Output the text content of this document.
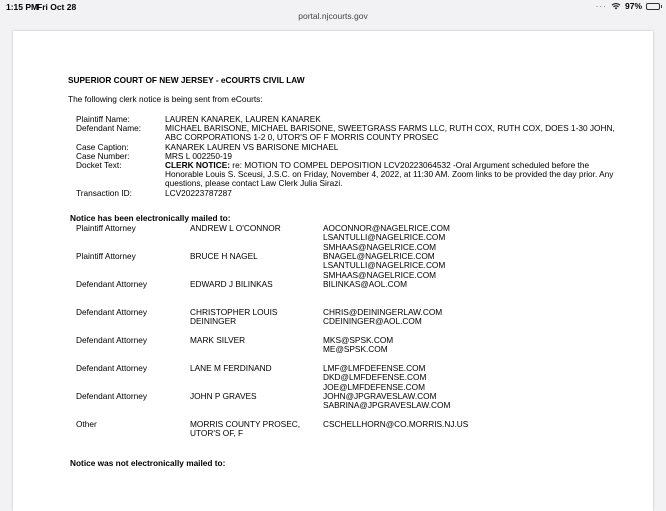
1:15 PM
Fri Oct 28	··· 97%
portal.njcourts.gov
SUPERIOR COURT OF NEW JERSEY - eCOURTS CIVIL LAW
The following clerk notice is being sent from eCourts:
Plaintiff Name:	LAUREN KANAREK, LAUREN KANAREK
Defendant Name:	MICHAEL BARISONE, MICHAEL BARISONE, SWEETGRASS FARMS LLC, RUTH COX, RUTH COX, DOES 1-30 JOHN, ABC CORPORATIONS 1-2 0, UTOR'S OF F MORRIS COUNTY PROSEC
Case Caption:	KANAREK LAUREN VS BARISONE MICHAEL
Case Number:	MRS L 002250-19
Docket Text:	CLERK NOTICE: re: MOTION TO COMPEL DEPOSITION LCV20223064532 -Oral Argument scheduled before the Honorable Louis S. Sceusi, J.S.C. on Friday, November 4, 2022, at 11:30 AM. Zoom links to be provided the day prior. Any questions, please contact Law Clerk Julia Sirazi.
Transaction ID:	LCV20223787287
Notice has been electronically mailed to:
Plaintiff Attorney	ANDREW L O'CONNOR	AOCONNOR@NAGELRICE.COM
LSANTULLI@NAGELRICE.COM
SMHAAS@NAGELRICE.COM
Plaintiff Attorney	BRUCE H NAGEL	BNAGEL@NAGELRICE.COM
LSANTULLI@NAGELRICE.COM
SMHAAS@NAGELRICE.COM
Defendant Attorney	EDWARD J BILINKAS	BILINKAS@AOL.COM
Defendant Attorney	CHRISTOPHER LOUIS DEININGER
CHRIS@DEININGERLAW.COM
CDEININGER@AOL.COM
Defendant Attorney	MARK SILVER	MKS@SPSK.COM
ME@SPSK.COM
Defendant Attorney	LANE M FERDINAND	LMF@LMFDEFENSE.COM
DKD@LMFDEFENSE.COM
JOE@LMFDEFENSE.COM
Defendant Attorney	JOHN P GRAVES	JOHN@JPGRAVESLAW.COM
SABRINA@JPGRAVESLAW.COM
Other	MORRIS COUNTY PROSEC, UTOR'S OF, F
CSCHELLHORN@CO.MORRIS.NJ.US
Notice was not electronically mailed to:
